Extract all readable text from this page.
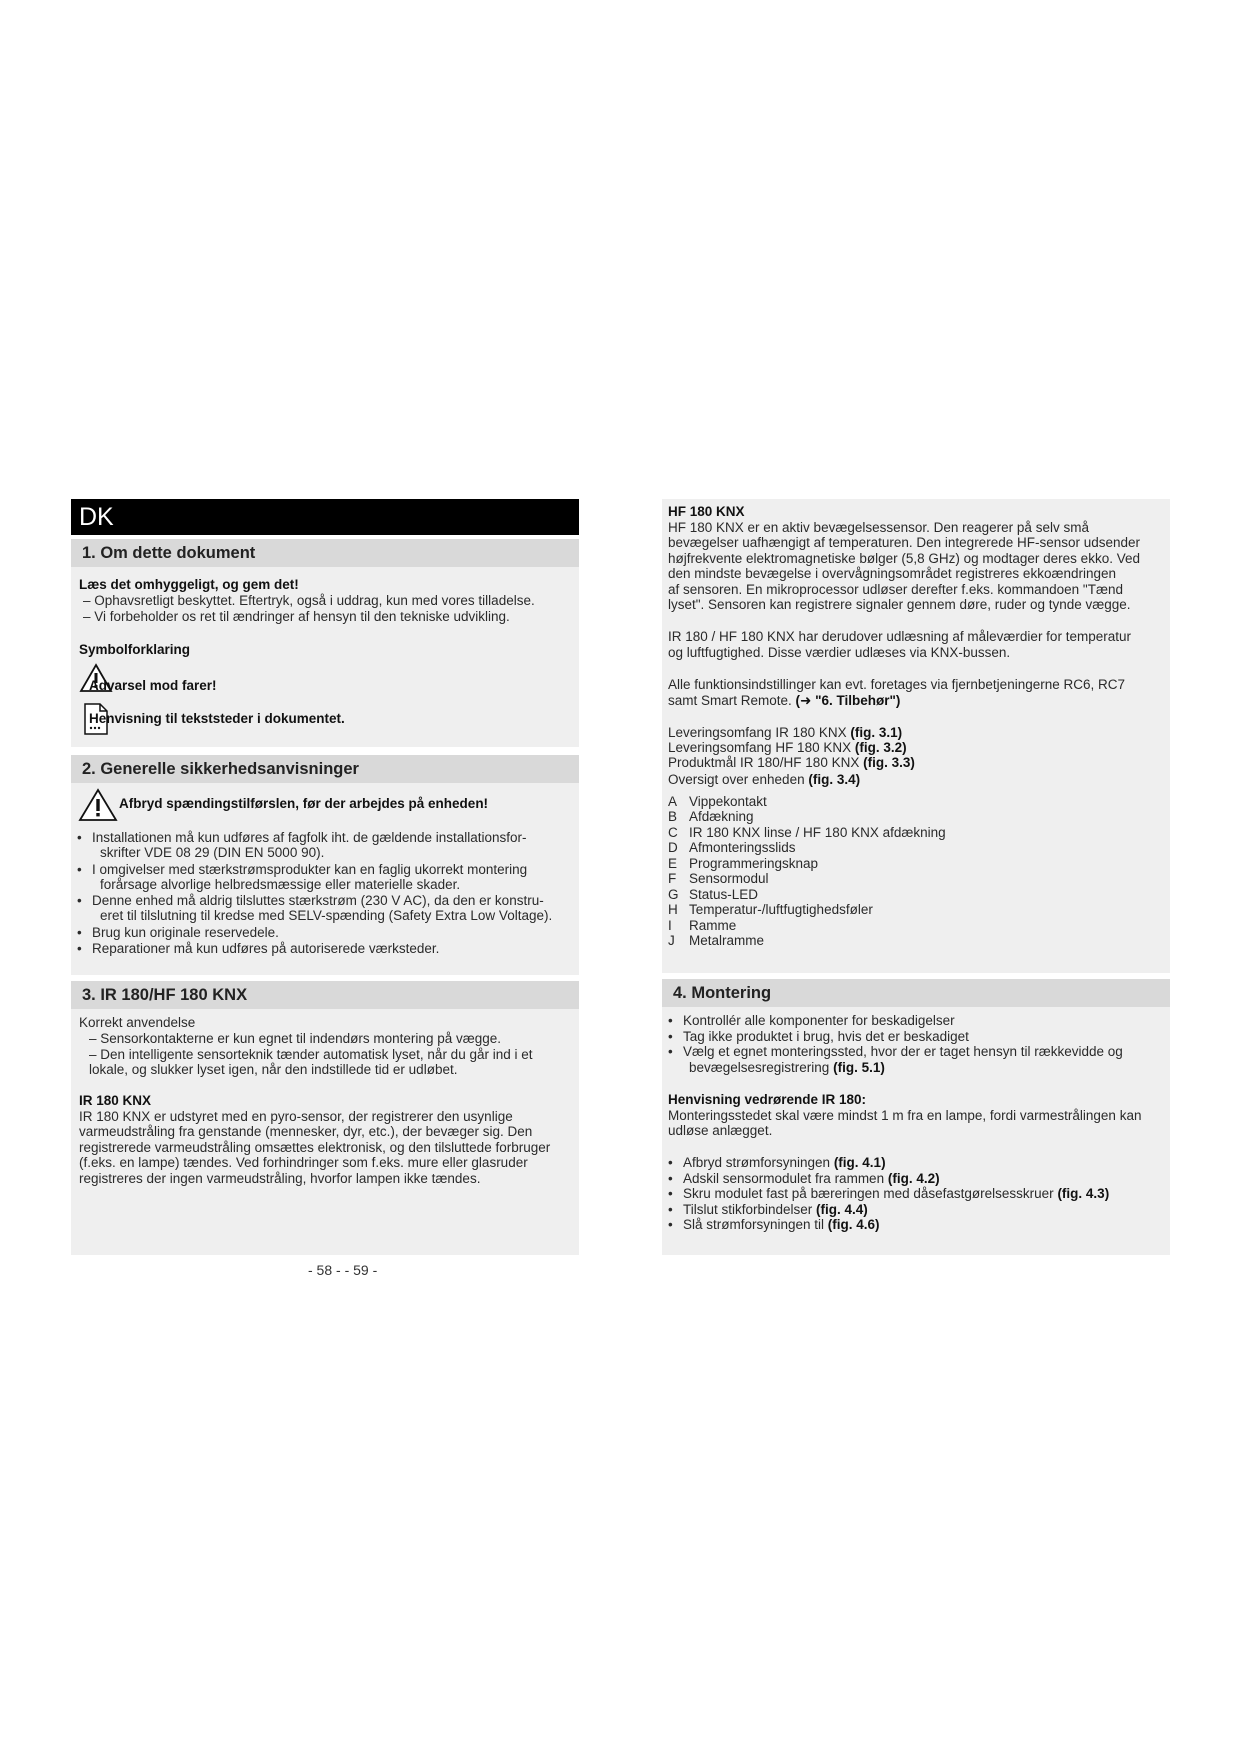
DK
1. Om dette dokument
Læs det omhyggeligt, og gem det!
– Ophavsretligt beskyttet. Eftertryk, også i uddrag, kun med vores tilladelse.
– Vi forbeholder os ret til ændringer af hensyn til den tekniske udvikling.
Symbolforklaring
Advarsel mod farer!
Henvisning til tekststeder i dokumentet.
2. Generelle sikkerhedsanvisninger
Afbryd spændingstilførslen, før der arbejdes på enheden!
• Installationen må kun udføres af fagfolk iht. de gældende installationsfor-
skrifter VDE 08 29 (DIN EN 5000 90).
• I omgivelser med stærkstrømsprodukter kan en faglig ukorrekt montering
forårsage alvorlige helbredsmæssige eller materielle skader.
• Denne enhed må aldrig tilsluttes stærkstrøm (230 V AC), da den er konstru-
eret til tilslutning til kredse med SELV-spænding (Safety Extra Low Voltage).
• Brug kun originale reservedele.
• Reparationer må kun udføres på autoriserede værksteder.
3. IR 180/HF 180 KNX
Korrekt anvendelse
– Sensorkontakterne er kun egnet til indendørs montering på vægge.
– Den intelligente sensorteknik tænder automatisk lyset, når du går ind i et
lokale, og slukker lyset igen, når den indstillede tid er udløbet.
IR 180 KNX
IR 180 KNX er udstyret med en pyro-sensor, der registrerer den usynlige
varmeudstråling fra genstande (mennesker, dyr, etc.), der bevæger sig. Den
registrerede varmeudstråling omsættes elektronisk, og den tilsluttede forbruger
(f.eks. en lampe) tændes. Ved forhindringer som f.eks. mure eller glasruder
registreres der ingen varmeudstråling, hvorfor lampen ikke tændes.
- 58 - - 59 -
HF 180 KNX
HF 180 KNX er en aktiv bevægelsessensor. Den reagerer på selv små
bevægelser uafhængigt af temperaturen. Den integrerede HF-sensor udsender
højfrekvente elektromagnetiske bølger (5,8 GHz) og modtager deres ekko. Ved
den mindste bevægelse i overvågningsområdet registreres ekkoændringen
af sensoren. En mikroprocessor udløser derefter f.eks. kommandoen "Tænd
lyset". Sensoren kan registrere signaler gennem døre, ruder og tynde vægge.
IR 180 / HF 180 KNX har derudover udlæsning af måleværdier for temperatur
og luftfugtighed. Disse værdier udlæses via KNX-bussen.
Alle funktionsindstillinger kan evt. foretages via fjernbetjeningerne RC6, RC7
samt Smart Remote. (➜ "6. Tilbehør")
Leveringsomfang IR 180 KNX (fig. 3.1)
Leveringsomfang HF 180 KNX (fig. 3.2)
Produktmål IR 180/HF 180 KNX (fig. 3.3)
Oversigt over enheden (fig. 3.4)
A Vippekontakt
B Afdækning
C IR 180 KNX linse / HF 180 KNX afdækning
D Afmonteringsslids
E Programmeringsknap
F Sensormodul
G Status-LED
H Temperatur-/luftfugtighedsføler
I Ramme
J Metalramme
4. Montering
• Kontrollér alle komponenter for beskadigelser
• Tag ikke produktet i brug, hvis det er beskadiget
• Vælg et egnet monteringssted, hvor der er taget hensyn til rækkevidde og
bevægelsesregistrering (fig. 5.1)
Henvisning vedrørende IR 180:
Monteringsstedet skal være mindst 1 m fra en lampe, fordi varmestrålingen kan
udløse anlægget.
• Afbryd strømforsyningen (fig. 4.1)
• Adskil sensormodulet fra rammen (fig. 4.2)
• Skru modulet fast på bæreringen med dåsefastgørelsesskruer (fig. 4.3)
• Tilslut stikforbindelser (fig. 4.4)
• Slå strømforsyningen til (fig. 4.6)
